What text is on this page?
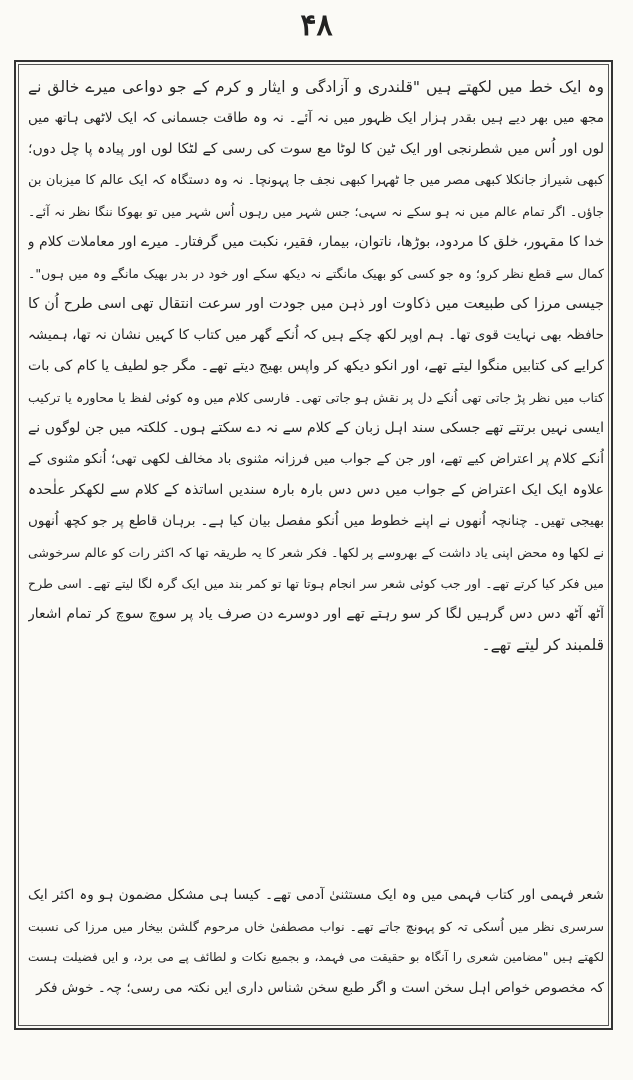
۴۸
وہ ایک خط میں لکھتے ہیں "قلندری و آزادگی و ایثار و کرم کے جو دواعی میرے خالق نے
مجھ میں بھر دیے ہیں بقدر ہزار ایک ظہور میں نہ آئے۔ نہ وہ طاقت جسمانی کہ ایک لاٹھی ہاتھ میں
لوں اور اُس میں شطرنجی اور ایک ٹین کا لوٹا مع سوت کی رسی کے لٹکا لوں اور پیادہ پا چل دوں؛
کبھی شیراز جانکلا کبھی مصر میں جا ٹھہرا کبھی نجف جا پہونچا۔ نہ وہ دستگاہ کہ ایک عالم کا میزبان بن
جاؤں۔ اگر تمام عالم میں نہ ہو سکے نہ سہی؛ جس شہر میں رہوں اُس شہر میں تو بھوکا ننگا نظر نہ آئے۔
خدا کا مقہور، خلق کا مردود، بوڑھا، ناتوان، بیمار، فقیر، نکبت میں گرفتار۔ میرے اور معاملات کلام و
کمال سے قطع نظر کرو؛ وہ جو کسی کو بھیک مانگتے نہ دیکھ سکے اور خود در بدر بھیک مانگے وہ میں ہوں"۔
جیسی مرزا کی طبیعت میں ذکاوت اور ذہن میں جودت اور سرعت انتقال تھی اسی طرح اُن کا
حافظہ بھی نہایت قوی تھا۔ ہم اوپر لکھ چکے ہیں کہ اُنکے گھر میں کتاب کا کہیں نشان نہ تھا، ہمیشہ
کرایے کی کتابیں منگوا لیتے تھے، اور انکو دیکھ کر واپس بھیج دیتے تھے۔ مگر جو لطیف یا کام کی بات
کتاب میں نظر پڑ جاتی تھی اُنکے دل پر نقش ہو جاتی تھی۔ فارسی کلام میں وہ کوئی لفظ یا محاورہ یا ترکیب
ایسی نہیں برتتے تھے جسکی سند اہل زبان کے کلام سے نہ دے سکتے ہوں۔ کلکتہ میں جن لوگوں نے
اُنکے کلام پر اعتراض کیے تھے، اور جن کے جواب میں فرزانہ مثنوی باد مخالف لکھی تھی؛ اُنکو مثنوی کے
علاوہ ایک ایک اعتراض کے جواب میں دس دس بارہ بارہ سندیں اساتذہ کے کلام سے لکھکر علٰحدہ
بھیجی تھیں۔ چنانچہ اُنھوں نے اپنے خطوط میں اُنکو مفصل بیان کیا ہے۔ برہان قاطع پر جو کچھ اُنھوں
نے لکھا وہ محض اپنی یاد داشت کے بھروسے پر لکھا۔ فکر شعر کا یہ طریقہ تھا کہ اکثر رات کو عالم سرخوشی
میں فکر کیا کرتے تھے۔ اور جب کوئی شعر سر انجام ہوتا تھا تو کمر بند میں ایک گرہ لگا لیتے تھے۔ اسی طرح
آٹھ آٹھ دس دس گرہیں لگا کر سو رہتے تھے اور دوسرے دن صرف یاد پر سوچ سوچ کر تمام اشعار
قلمبند کر لیتے تھے۔
شعر فہمی اور کتاب فہمی میں وہ ایک مستثنیٰ آدمی تھے۔ کیسا ہی مشکل مضمون ہو وہ اکثر ایک
سرسری نظر میں اُسکی تہ کو پہونچ جاتے تھے۔ نواب مصطفیٰ خاں مرحوم گلشن بیخار میں مرزا کی نسبت
لکھتے ہیں "مضامین شعری را آنگاہ بو حقیقت می فہمد، و بجمیع نکات و لطائف پے می برد، و ایں فضیلت ہست
کہ مخصوص خواص اہل سخن است و اگر طبع سخن شناس داری ایں نکتہ می رسی؛ چہ۔ خوش فکر
